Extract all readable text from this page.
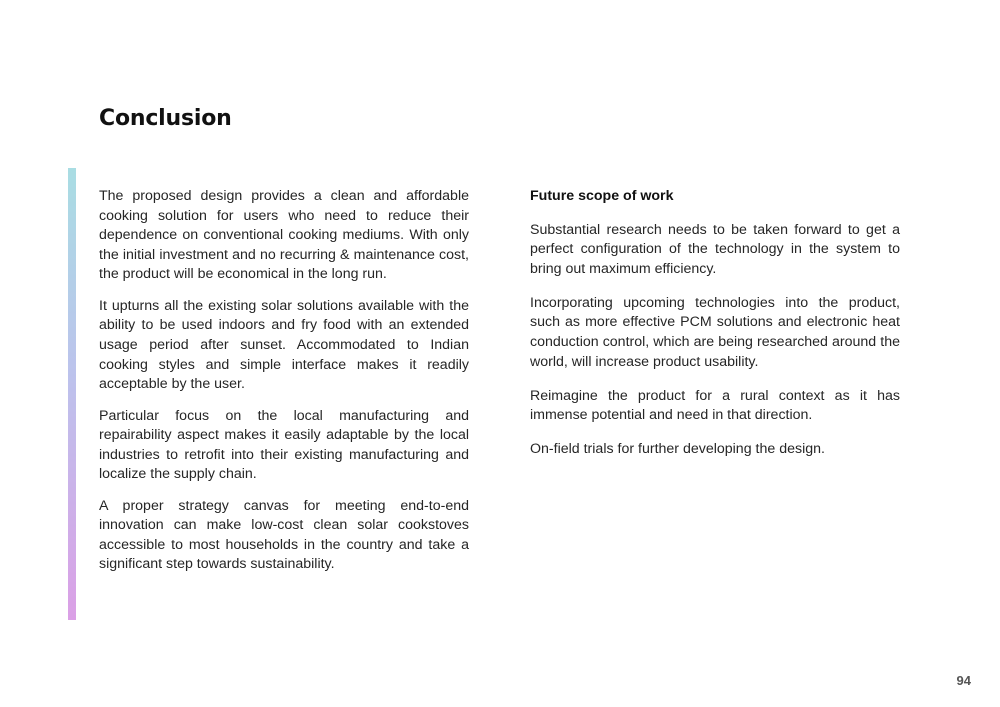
Conclusion

The proposed design provides a clean and affordable cooking solution for users who need to reduce their dependence on conventional cooking mediums. With only the initial investment and no recurring & maintenance cost, the product will be economical in the long run.

It upturns all the existing solar solutions available with the ability to be used indoors and fry food with an extended usage period after sunset. Accommodated to Indian cooking styles and simple interface makes it readily acceptable by the user.

Particular focus on the local manufacturing and repairability aspect makes it easily adaptable by the local industries to retrofit into their existing manufacturing and localize the supply chain.

A proper strategy canvas for meeting end-to-end innovation can make low-cost clean solar cookstoves accessible to most households in the country and take a significant step towards sustainability.

Future scope of work

Substantial research needs to be taken forward to get a perfect configuration of the technology in the system to bring out maximum efficiency.

Incorporating upcoming technologies into the product, such as more effective PCM solutions and electronic heat conduction control, which are being researched around the world, will increase product usability.

Reimagine the product for a rural context as it has immense potential and need in that direction.

On-field trials for further developing the design.

94
